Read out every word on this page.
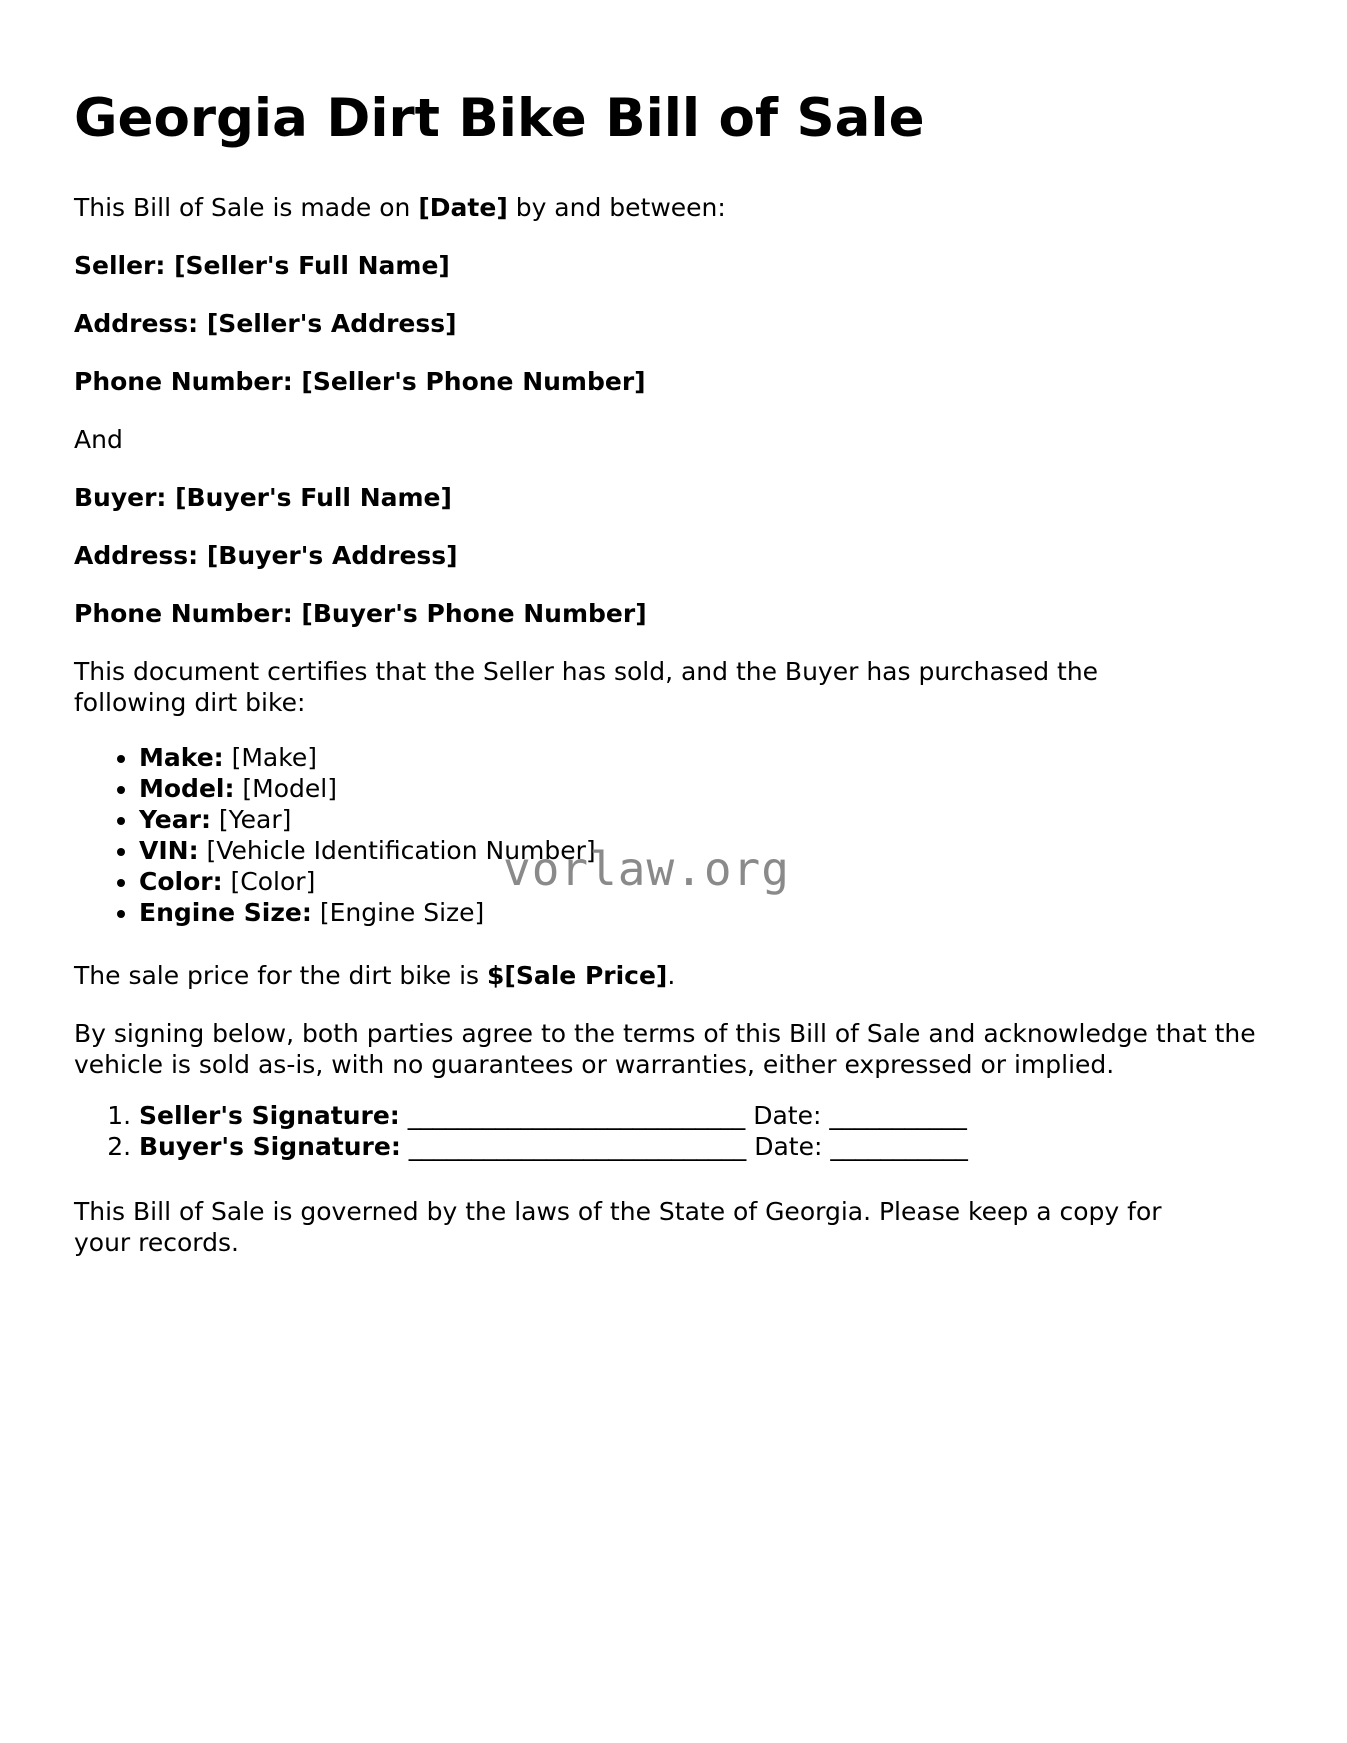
Georgia Dirt Bike Bill of Sale

This Bill of Sale is made on [Date] by and between:

Seller: [Seller's Full Name]

Address: [Seller's Address]

Phone Number: [Seller's Phone Number]

And

Buyer: [Buyer's Full Name]

Address: [Buyer's Address]

Phone Number: [Buyer's Phone Number]

This document certifies that the Seller has sold, and the Buyer has purchased the following dirt bike:

• Make: [Make]
• Model: [Model]
• Year: [Year]
• VIN: [Vehicle Identification Number]
• Color: [Color]
• Engine Size: [Engine Size]

The sale price for the dirt bike is $[Sale Price].

By signing below, both parties agree to the terms of this Bill of Sale and acknowledge that the vehicle is sold as-is, with no guarantees or warranties, either expressed or implied.

1. Seller's Signature: ___________________________ Date: ___________
2. Buyer's Signature: ___________________________ Date: ___________

This Bill of Sale is governed by the laws of the State of Georgia. Please keep a copy for your records.

vorlaw.org
